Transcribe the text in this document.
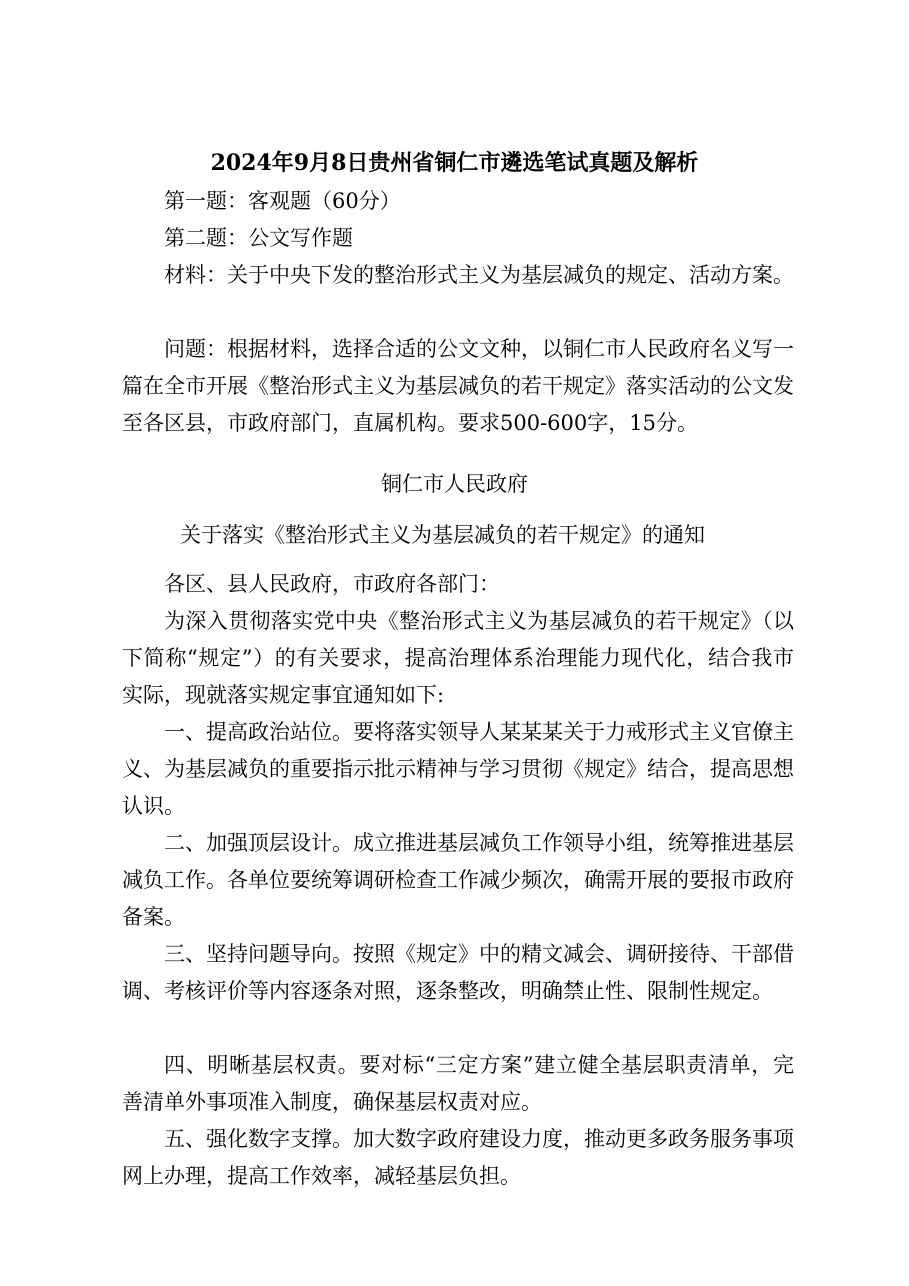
2024年9月8日贵州省铜仁市遴选笔试真题及解析

第一题：客观题（60分）

第二题：公文写作题

材料：关于中央下发的整治形式主义为基层减负的规定、活动方案。

问题：根据材料，选择合适的公文文种，以铜仁市人民政府名义写一篇在全市开展《整治形式主义为基层减负的若干规定》落实活动的公文发至各区县，市政府部门，直属机构。要求500-600字，15分。

铜仁市人民政府
关于落实《整治形式主义为基层减负的若干规定》的通知

各区、县人民政府，市政府各部门：

为深入贯彻落实党中央《整治形式主义为基层减负的若干规定》（以下简称“规定”）的有关要求，提高治理体系治理能力现代化，结合我市实际，现就落实规定事宜通知如下:

一、提高政治站位。要将落实领导人某某某关于力戒形式主义官僚主义、为基层减负的重要指示批示精神与学习贯彻《规定》结合，提高思想认识。

二、加强顶层设计。成立推进基层减负工作领导小组，统筹推进基层减负工作。各单位要统筹调研检查工作减少频次，确需开展的要报市政府备案。

三、坚持问题导向。按照《规定》中的精文减会、调研接待、干部借调、考核评价等内容逐条对照，逐条整改，明确禁止性、限制性规定。

四、明晰基层权责。要对标“三定方案”建立健全基层职责清单，完善清单外事项准入制度，确保基层权责对应。

五、强化数字支撑。加大数字政府建设力度，推动更多政务服务事项网上办理，提高工作效率，减轻基层负担。
